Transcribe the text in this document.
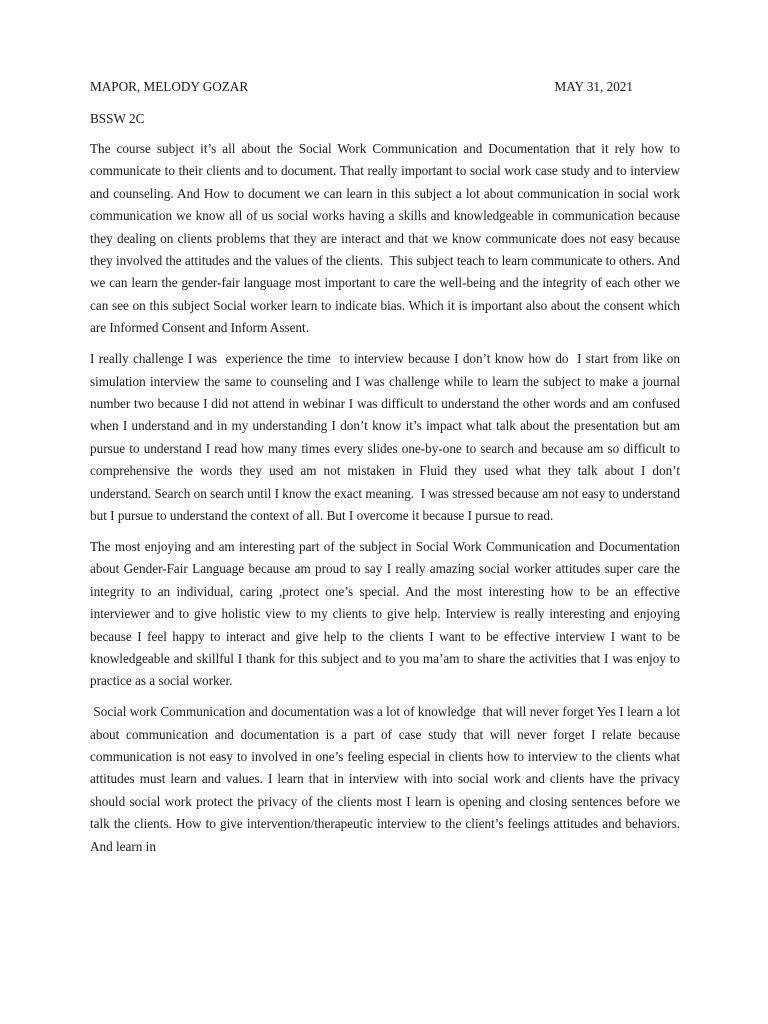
MAPOR, MELODY GOZAR	MAY 31, 2021
BSSW 2C

The course subject it’s all about the Social Work Communication and Documentation that it rely how to communicate to their clients and to document. That really important to social work case study and to interview and counseling. And How to document we can learn in this subject a lot about communication in social work communication we know all of us social works having a skills and knowledgeable in communication because they dealing on clients problems that they are interact and that we know communicate does not easy because they involved the attitudes and the values of the clients.  This subject teach to learn communicate to others. And we can learn the gender-fair language most important to care the well-being and the integrity of each other we can see on this subject Social worker learn to indicate bias. Which it is important also about the consent which are Informed Consent and Inform Assent.

I really challenge I was  experience the time  to interview because I don’t know how do  I start from like on simulation interview the same to counseling and I was challenge while to learn the subject to make a journal number two because I did not attend in webinar I was difficult to understand the other words and am confused when I understand and in my understanding I don’t know it’s impact what talk about the presentation but am pursue to understand I read how many times every slides one-by-one to search and because am so difficult to comprehensive the words they used am not mistaken in Fluid they used what they talk about I don’t understand. Search on search until I know the exact meaning.  I was stressed because am not easy to understand but I pursue to understand the context of all. But I overcome it because I pursue to read.

The most enjoying and am interesting part of the subject in Social Work Communication and Documentation about Gender-Fair Language because am proud to say I really amazing social worker attitudes super care the integrity to an individual, caring ,protect one’s special. And the most interesting how to be an effective interviewer and to give holistic view to my clients to give help. Interview is really interesting and enjoying because I feel happy to interact and give help to the clients I want to be effective interview I want to be knowledgeable and skillful I thank for this subject and to you ma’am to share the activities that I was enjoy to practice as a social worker.

Social work Communication and documentation was a lot of knowledge  that will never forget Yes I learn a lot about communication and documentation is a part of case study that will never forget I relate because communication is not easy to involved in one’s feeling especial in clients how to interview to the clients what attitudes must learn and values. I learn that in interview with into social work and clients have the privacy should social work protect the privacy of the clients most I learn is opening and closing sentences before we talk the clients. How to give intervention/therapeutic interview to the client’s feelings attitudes and behaviors. And learn in
